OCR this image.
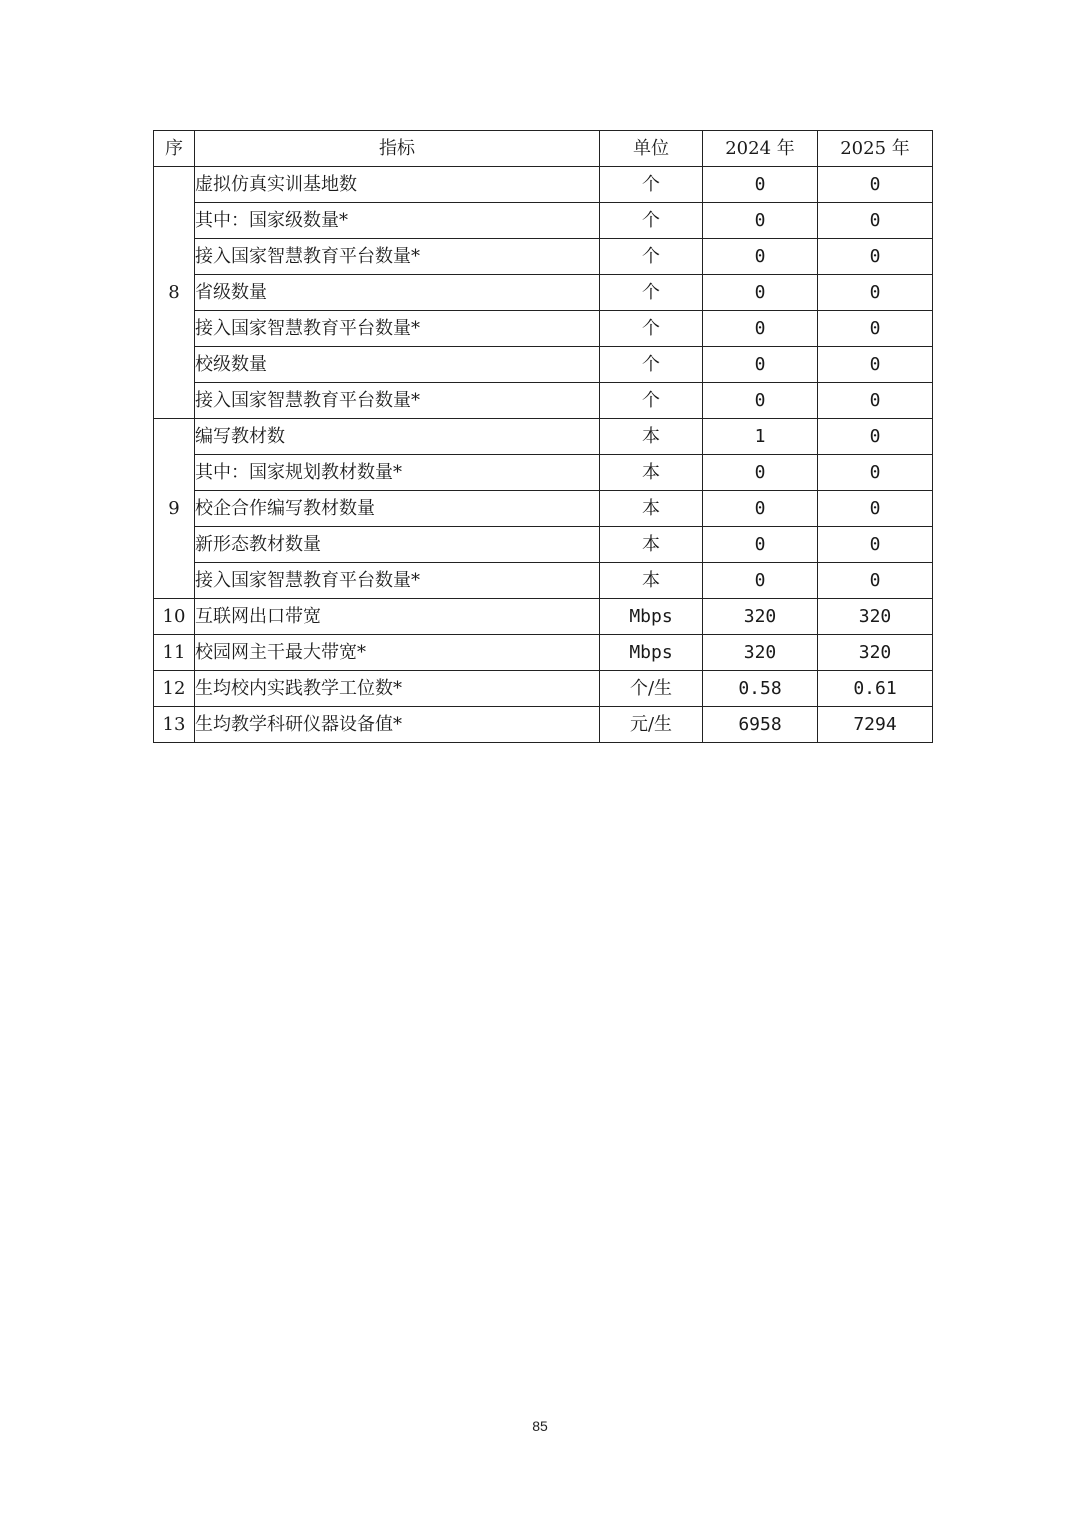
序	指标	单位	2024 年	2025 年
8	虚拟仿真实训基地数	个	0	0
	其中：国家级数量*	个	0	0
	接入国家智慧教育平台数量*	个	0	0
	省级数量	个	0	0
	接入国家智慧教育平台数量*	个	0	0
	校级数量	个	0	0
	接入国家智慧教育平台数量*	个	0	0
9	编写教材数	本	1	0
	其中：国家规划教材数量*	本	0	0
	校企合作编写教材数量	本	0	0
	新形态教材数量	本	0	0
	接入国家智慧教育平台数量*	本	0	0
10	互联网出口带宽	Mbps	320	320
11	校园网主干最大带宽*	Mbps	320	320
12	生均校内实践教学工位数*	个/生	0.58	0.61
13	生均教学科研仪器设备值*	元/生	6958	7294
85
